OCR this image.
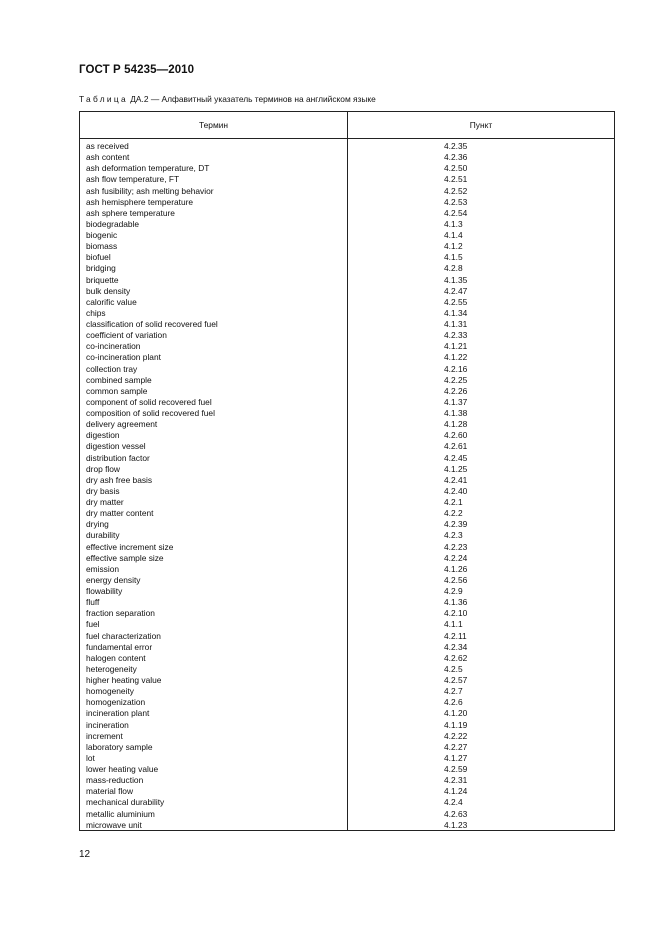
ГОСТ Р 54235—2010
Таблица ДА.2 — Алфавитный указатель терминов на английском языке
Термин	Пункт
as received	4.2.35
ash content	4.2.36
ash deformation temperature, DT	4.2.50
ash flow temperature, FT	4.2.51
ash fusibility; ash melting behavior	4.2.52
ash hemisphere temperature	4.2.53
ash sphere temperature	4.2.54
biodegradable	4.1.3
biogenic	4.1.4
biomass	4.1.2
biofuel	4.1.5
bridging	4.2.8
briquette	4.1.35
bulk density	4.2.47
calorific value	4.2.55
chips	4.1.34
classification of solid recovered fuel	4.1.31
coefficient of variation	4.2.33
co-incineration	4.1.21
co-incineration plant	4.1.22
collection tray	4.2.16
combined sample	4.2.25
common sample	4.2.26
component of solid recovered fuel	4.1.37
composition of solid recovered fuel	4.1.38
delivery agreement	4.1.28
digestion	4.2.60
digestion vessel	4.2.61
distribution factor	4.2.45
drop flow	4.1.25
dry ash free basis	4.2.41
dry basis	4.2.40
dry matter	4.2.1
dry matter content	4.2.2
drying	4.2.39
durability	4.2.3
effective increment size	4.2.23
effective sample size	4.2.24
emission	4.1.26
energy density	4.2.56
flowability	4.2.9
fluff	4.1.36
fraction separation	4.2.10
fuel	4.1.1
fuel characterization	4.2.11
fundamental error	4.2.34
halogen content	4.2.62
heterogeneity	4.2.5
higher heating value	4.2.57
homogeneity	4.2.7
homogenization	4.2.6
incineration plant	4.1.20
incineration	4.1.19
increment	4.2.22
laboratory sample	4.2.27
lot	4.1.27
lower heating value	4.2.59
mass-reduction	4.2.31
material flow	4.1.24
mechanical durability	4.2.4
metallic aluminium	4.2.63
microwave unit	4.1.23
12
